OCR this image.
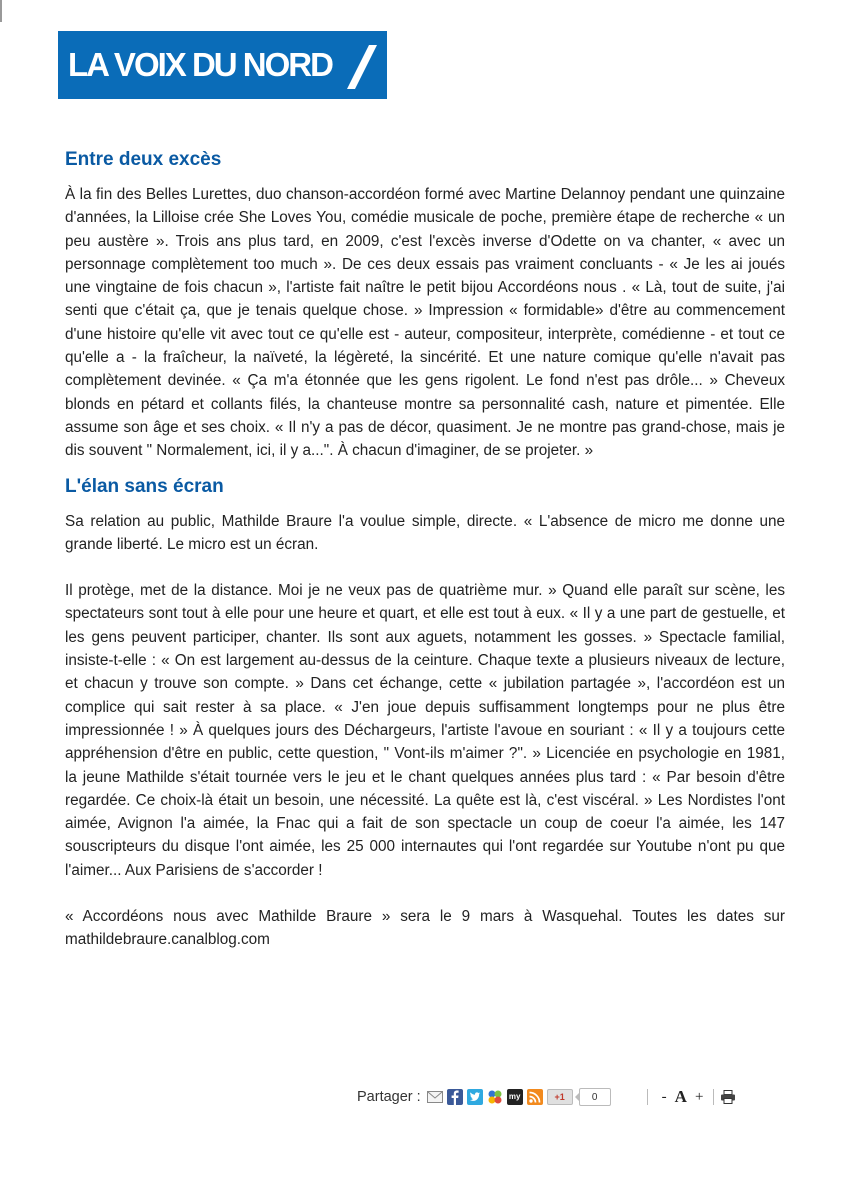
LA VOIX DU NORD
Entre deux excès

À la fin des Belles Lurettes, duo chanson-accordéon formé avec Martine Delannoy pendant une quinzaine d'années, la Lilloise crée She Loves You, comédie musicale de poche, première étape de recherche « un peu austère ». Trois ans plus tard, en 2009, c'est l'excès inverse d'Odette on va chanter, « avec un personnage complètement too much ». De ces deux essais pas vraiment concluants - « Je les ai joués une vingtaine de fois chacun », l'artiste fait naître le petit bijou Accordéons nous . « Là, tout de suite, j'ai senti que c'était ça, que je tenais quelque chose. » Impression « formidable» d'être au commencement d'une histoire qu'elle vit avec tout ce qu'elle est - auteur, compositeur, interprète, comédienne - et tout ce qu'elle a - la fraîcheur, la naïveté, la légèreté, la sincérité. Et une nature comique qu'elle n'avait pas complètement devinée. « Ça m'a étonnée que les gens rigolent. Le fond n'est pas drôle... » Cheveux blonds en pétard et collants filés, la chanteuse montre sa personnalité cash, nature et pimentée. Elle assume son âge et ses choix. « Il n'y a pas de décor, quasiment. Je ne montre pas grand-chose, mais je dis souvent " Normalement, ici, il y a...". À chacun d'imaginer, de se projeter. »

L'élan sans écran

Sa relation au public, Mathilde Braure l'a voulue simple, directe. « L'absence de micro me donne une grande liberté. Le micro est un écran.

Il protège, met de la distance. Moi je ne veux pas de quatrième mur. » Quand elle paraît sur scène, les spectateurs sont tout à elle pour une heure et quart, et elle est tout à eux. « Il y a une part de gestuelle, et les gens peuvent participer, chanter. Ils sont aux aguets, notamment les gosses. » Spectacle familial, insiste-t-elle : « On est largement au-dessus de la ceinture. Chaque texte a plusieurs niveaux de lecture, et chacun y trouve son compte. » Dans cet échange, cette « jubilation partagée », l'accordéon est un complice qui sait rester à sa place. « J'en joue depuis suffisamment longtemps pour ne plus être impressionnée ! » À quelques jours des Déchargeurs, l'artiste l'avoue en souriant : « Il y a toujours cette appréhension d'être en public, cette question, " Vont-ils m'aimer ?". » Licenciée en psychologie en 1981, la jeune Mathilde s'était tournée vers le jeu et le chant quelques années plus tard : « Par besoin d'être regardée. Ce choix-là était un besoin, une nécessité. La quête est là, c'est viscéral. » Les Nordistes l'ont aimée, Avignon l'a aimée, la Fnac qui a fait de son spectacle un coup de coeur l'a aimée, les 147 souscripteurs du disque l'ont aimée, les 25 000 internautes qui l'ont regardée sur Youtube n'ont pu que l'aimer... Aux Parisiens de s'accorder !

« Accordéons nous avec Mathilde Braure » sera le 9 mars à Wasquehal. Toutes les dates sur mathildebraure.canalblog.com

Partager :	my	+1	0	- A +
